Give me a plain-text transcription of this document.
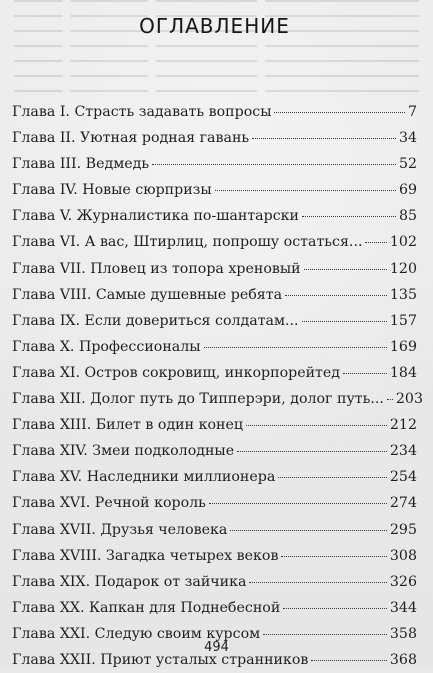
ОГЛАВЛЕНИЕ
Глава I. Страсть задавать вопросы	7
Глава II. Уютная родная гавань	34
Глава III. Ведмедь	52
Глава IV. Новые сюрпризы	69
Глава V. Журналистика по-шантарски	85
Глава VI. А вас, Штирлиц, попрошу остаться... 102
Глава VII. Пловец из топора хреновый	120
Глава VIII. Самые душевные ребята	135
Глава IX. Если довериться солдатам...	157
Глава X. Профессионалы	169
Глава XI. Остров сокровищ, инкорпорейтед	184
Глава XII. Долог путь до Типперэри, долог путь... 203
Глава XIII. Билет в один конец	212
Глава XIV. Змеи подколодные	234
Глава XV. Наследники миллионера	254
Глава XVI. Речной король	274
Глава XVII. Друзья человека	295
Глава XVIII. Загадка четырех веков	308
Глава XIX. Подарок от зайчика	326
Глава XX. Капкан для Поднебесной	344
Глава XXI. Следую своим курсом	358
Глава XXII. Приют усталых странников	368
494
